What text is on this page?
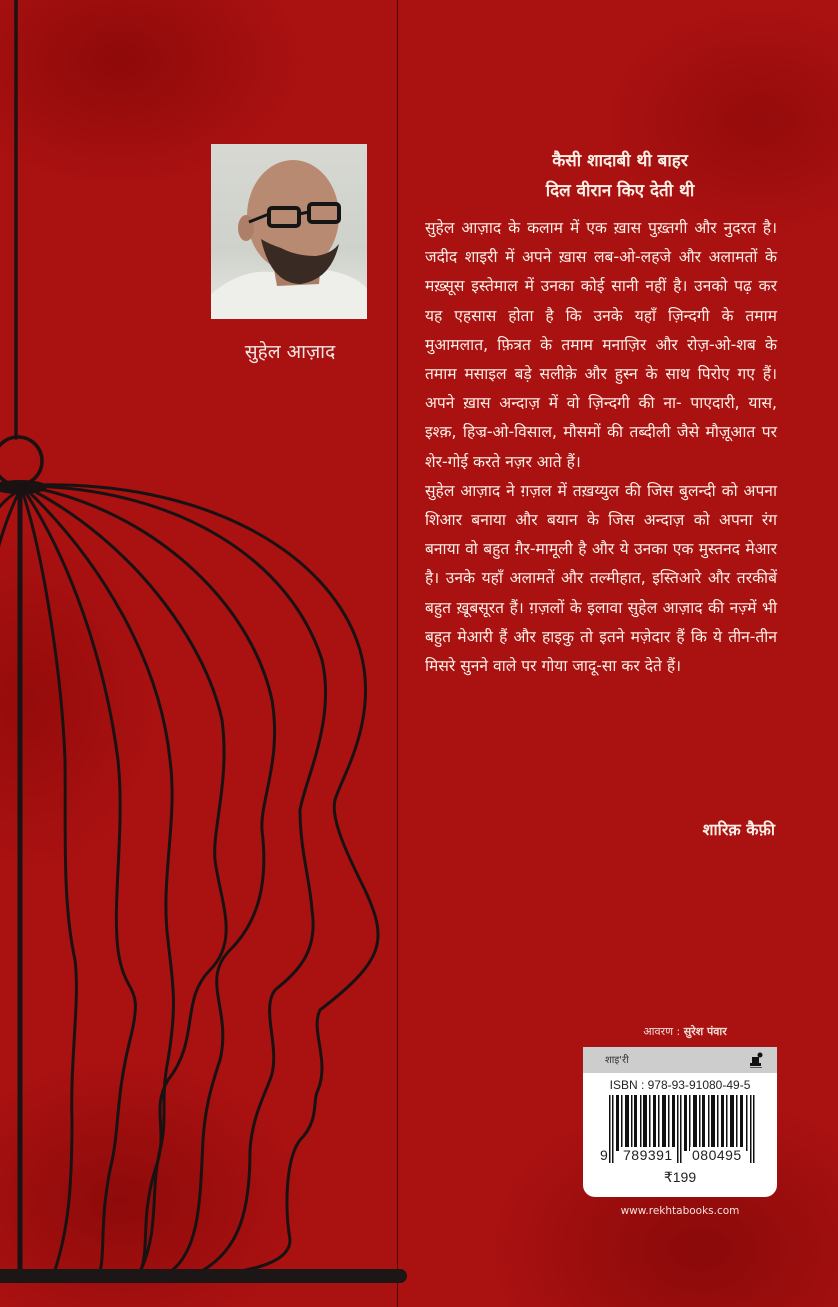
सुहेल आज़ाद
कैसी शादाबी थी बाहर
दिल वीरान किए देती थी

सुहेल आज़ाद के कलाम में एक ख़ास पुख़्तगी और नुदरत है। जदीद शाइरी में अपने ख़ास लब-ओ-लहजे और अलामतों के मख़्सूस इस्तेमाल में उनका कोई सानी नहीं है। उनको पढ़ कर यह एहसास होता है कि उनके यहाँ ज़िन्दगी के तमाम मुआमलात, फ़ित्रत के तमाम मनाज़िर और रोज़-ओ-शब के तमाम मसाइल बड़े सलीक़े और हुस्न के साथ पिरोए गए हैं। अपने ख़ास अन्दाज़ में वो ज़िन्दगी की ना- पाएदारी, यास, इश्क़, हिज्र-ओ-विसाल, मौसमों की तब्दीली जैसे मौज़ूआत पर शेर-गोई करते नज़र आते हैं।

सुहेल आज़ाद ने ग़ज़ल में तख़य्युल की जिस बुलन्दी को अपना शिआर बनाया और बयान के जिस अन्दाज़ को अपना रंग बनाया वो बहुत ग़ैर-मामूली है और ये उनका एक मुस्तनद मेआर है। उनके यहाँ अलामतें और तल्मीहात, इस्तिआरे और तरकीबें बहुत ख़ूबसूरत हैं। ग़ज़लों के इलावा सुहेल आज़ाद की नज़्में भी बहुत मेआरी हैं और हाइकु तो इतने मज़ेदार हैं कि ये तीन-तीन मिसरे सुनने वाले पर गोया जादू-सा कर देते हैं।

शारिक़ कैफ़ी
आवरण : सुरेश पंवार
शाइ'री
ISBN : 978-93-91080-49-5
9 789391 080495
₹199
www.rekhtabooks.com
